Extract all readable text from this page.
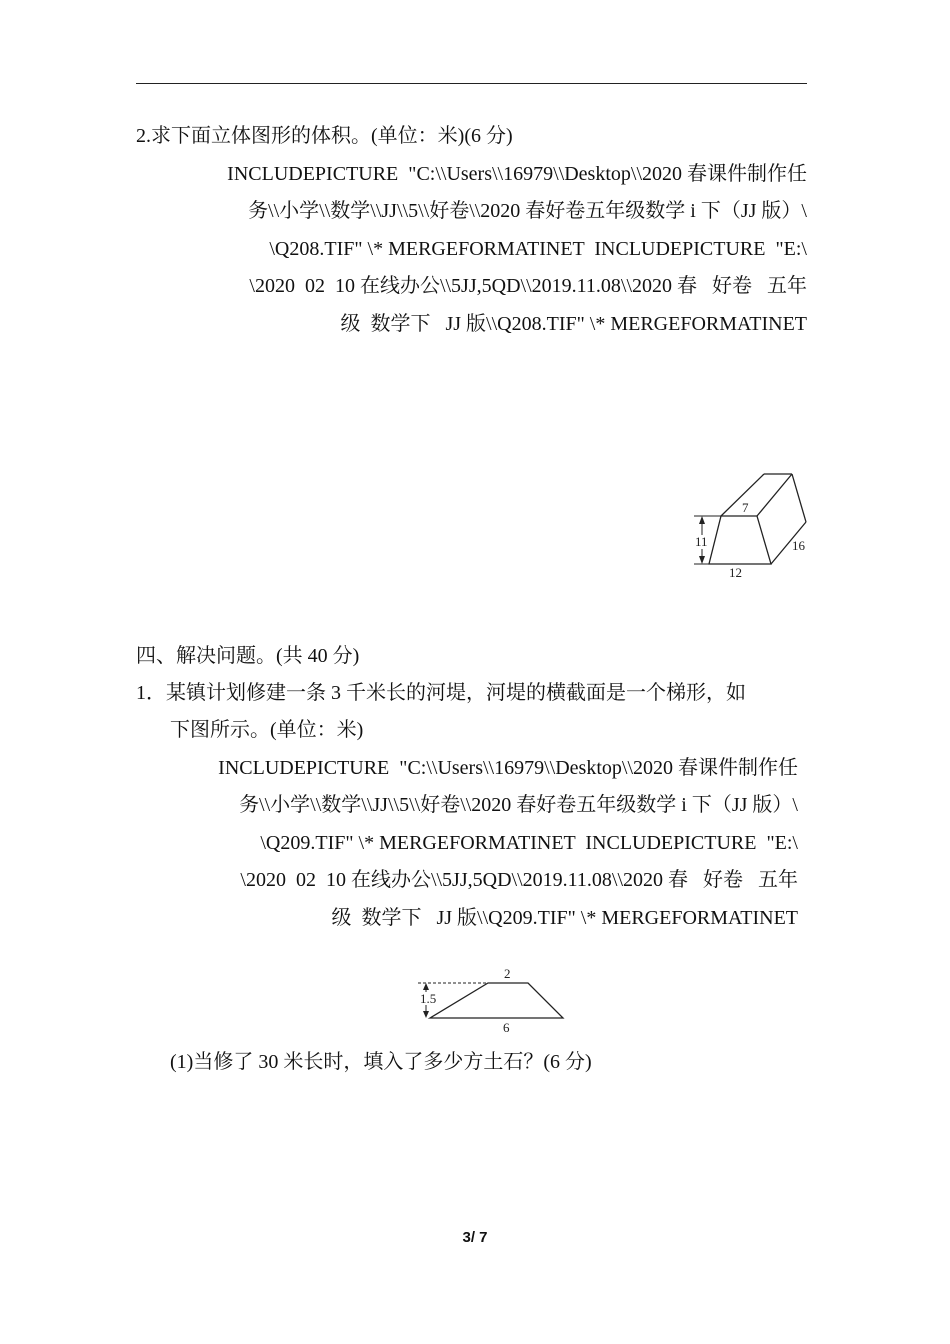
2.求下面立体图形的体积。(单位：米)(6 分)
INCLUDEPICTURE  "C:\\Users\\16979\\Desktop\\2020 春课件制作任
务\\小学\\数学\\JJ\\5\\好卷\\2020 春好卷五年级数学 i 下（JJ 版）\
\Q208.TIF" \* MERGEFORMATINET  INCLUDEPICTURE  "E:\
\2020  02  10 在线办公\\5JJ,5QD\\2019.11.08\\2020 春   好卷   五年
级  数学下   JJ 版\\Q208.TIF" \* MERGEFORMATINET
7
11	16
12
四、解决问题。(共 40 分)
1．某镇计划修建一条 3 千米长的河堤，河堤的横截面是一个梯形，如
下图所示。(单位：米)
INCLUDEPICTURE  "C:\\Users\\16979\\Desktop\\2020 春课件制作任
务\\小学\\数学\\JJ\\5\\好卷\\2020 春好卷五年级数学 i 下（JJ 版）\
\Q209.TIF" \* MERGEFORMATINET  INCLUDEPICTURE  "E:\
\2020  02  10 在线办公\\5JJ,5QD\\2019.11.08\\2020 春   好卷   五年
级  数学下   JJ 版\\Q209.TIF" \* MERGEFORMATINET
2
1.5
6
(1)当修了 30 米长时，填入了多少方土石？(6 分)
3/ 7
